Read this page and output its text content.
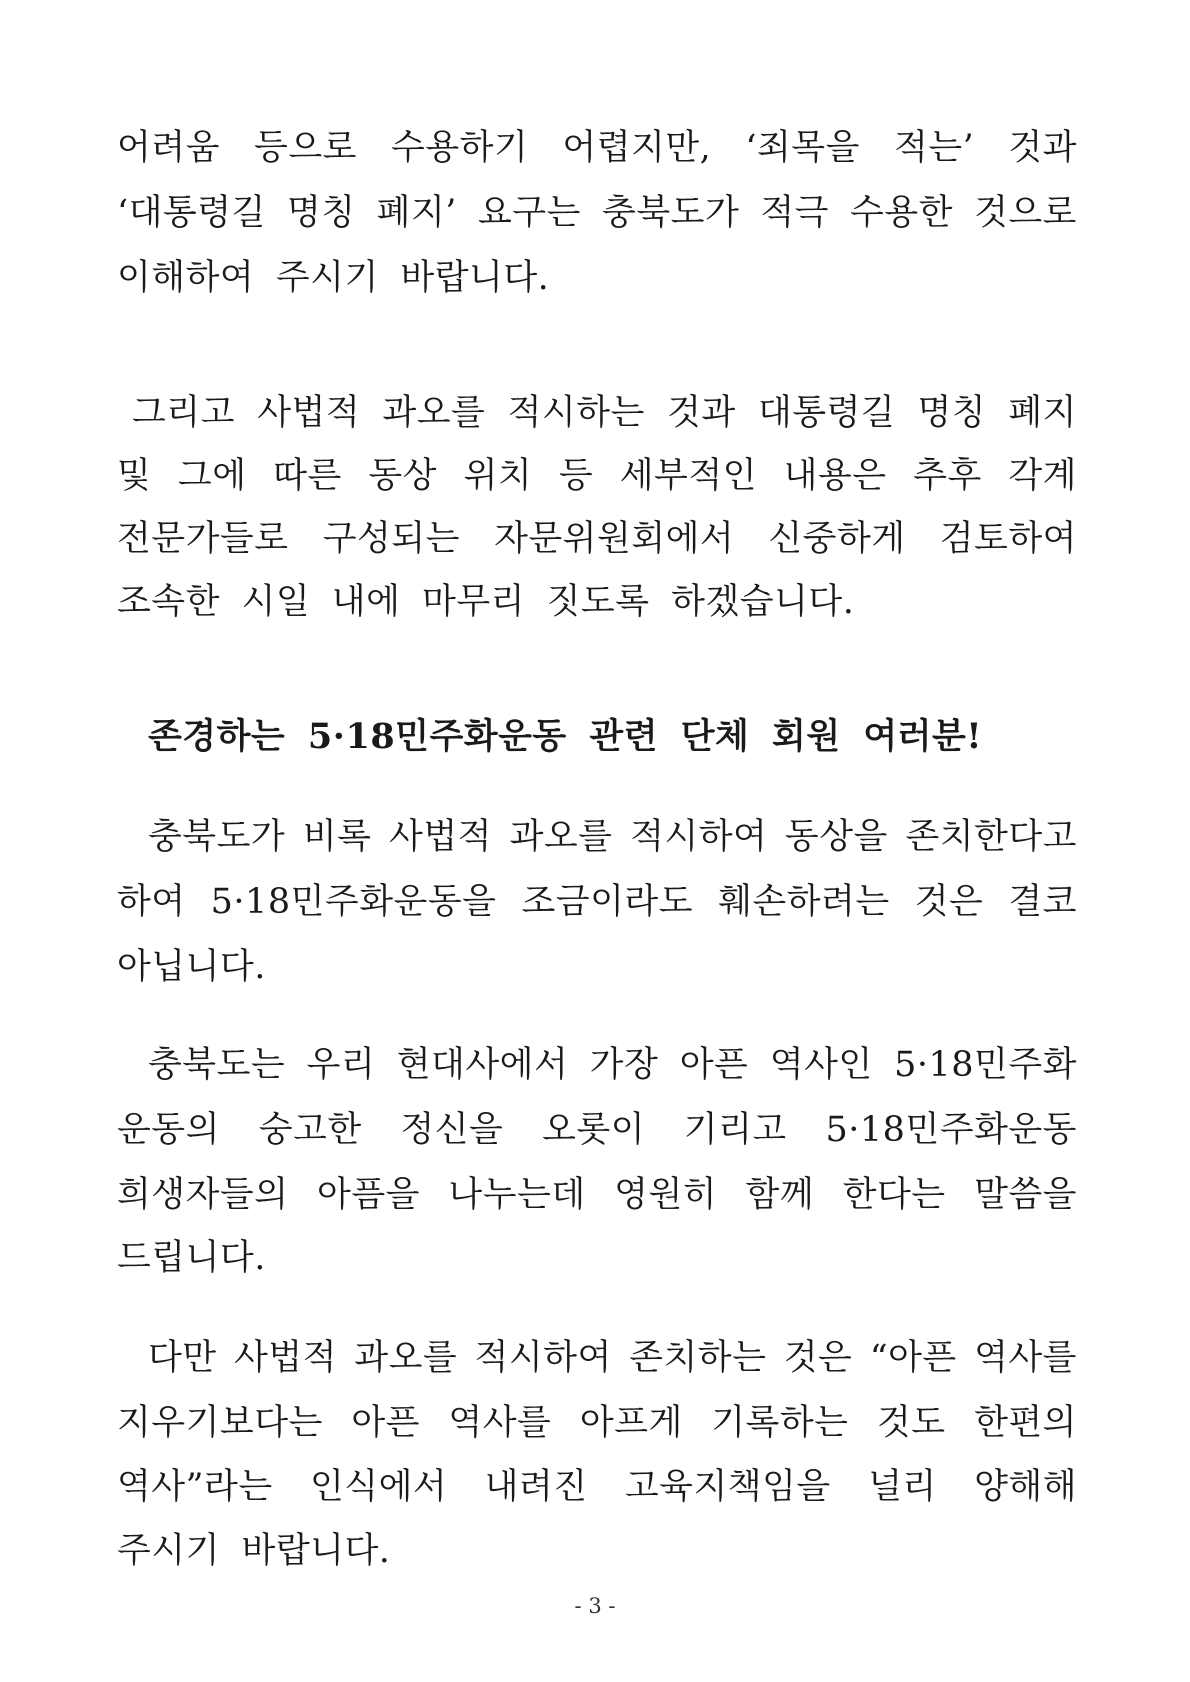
어려움 등으로 수용하기 어렵지만, ‘죄목을 적는’ 것과
‘대통령길 명칭 폐지’ 요구는 충북도가 적극 수용한 것으로
이해하여 주시기 바랍니다.
그리고 사법적 과오를 적시하는 것과 대통령길 명칭 폐지
및 그에 따른 동상 위치 등 세부적인 내용은 추후 각계
전문가들로 구성되는 자문위원회에서 신중하게 검토하여
조속한 시일 내에 마무리 짓도록 하겠습니다.
존경하는 5·18민주화운동 관련 단체 회원 여러분!
충북도가 비록 사법적 과오를 적시하여 동상을 존치한다고
하여 5·18민주화운동을 조금이라도 훼손하려는 것은 결코
아닙니다.
충북도는 우리 현대사에서 가장 아픈 역사인 5·18민주화
운동의 숭고한 정신을 오롯이 기리고 5·18민주화운동
희생자들의 아픔을 나누는데 영원히 함께 한다는 말씀을
드립니다.
다만 사법적 과오를 적시하여 존치하는 것은 “아픈 역사를
지우기보다는 아픈 역사를 아프게 기록하는 것도 한편의
역사”라는 인식에서 내려진 고육지책임을 널리 양해해
주시기 바랍니다.
- 3 -
